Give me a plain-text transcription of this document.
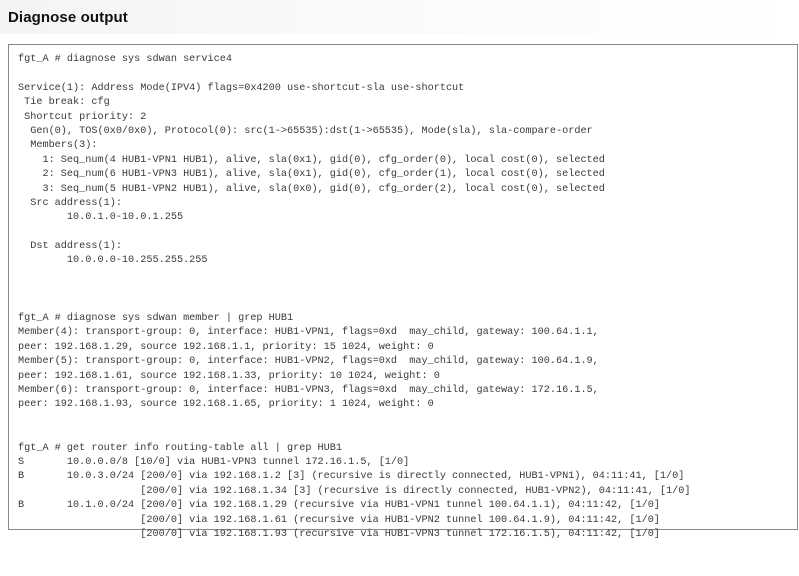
Diagnose output
fgt_A # diagnose sys sdwan service4
Service(1): Address Mode(IPV4) flags=0x4200 use-shortcut-sla use-shortcut
Tie break: cfg
Shortcut priority: 2
Gen(0), TOS(0x0/0x0), Protocol(0): src(1->65535):dst(1->65535), Mode(sla), sla-compare-order
Members(3):
1: Seq_num(4 HUB1-VPN1 HUB1), alive, sla(0x1), gid(0), cfg_order(0), local cost(0), selected
2: Seq_num(6 HUB1-VPN3 HUB1), alive, sla(0x1), gid(0), cfg_order(1), local cost(0), selected
3: Seq_num(5 HUB1-VPN2 HUB1), alive, sla(0x0), gid(0), cfg_order(2), local cost(0), selected
Src address(1):
10.0.1.0-10.0.1.255
Dst address(1):
10.0.0.0-10.255.255.255
fgt_A # diagnose sys sdwan member | grep HUB1
Member(4): transport-group: 0, interface: HUB1-VPN1, flags=0xd  may_child, gateway: 100.64.1.1,
peer: 192.168.1.29, source 192.168.1.1, priority: 15 1024, weight: 0
Member(5): transport-group: 0, interface: HUB1-VPN2, flags=0xd  may_child, gateway: 100.64.1.9,
peer: 192.168.1.61, source 192.168.1.33, priority: 10 1024, weight: 0
Member(6): transport-group: 0, interface: HUB1-VPN3, flags=0xd  may_child, gateway: 172.16.1.5,
peer: 192.168.1.93, source 192.168.1.65, priority: 1 1024, weight: 0
fgt_A # get router info routing-table all | grep HUB1
S       10.0.0.0/8 [10/0] via HUB1-VPN3 tunnel 172.16.1.5, [1/0]
B       10.0.3.0/24 [200/0] via 192.168.1.2 [3] (recursive is directly connected, HUB1-VPN1), 04:11:41, [1/0]
[200/0] via 192.168.1.34 [3] (recursive is directly connected, HUB1-VPN2), 04:11:41, [1/0]
B       10.1.0.0/24 [200/0] via 192.168.1.29 (recursive via HUB1-VPN1 tunnel 100.64.1.1), 04:11:42, [1/0]
[200/0] via 192.168.1.61 (recursive via HUB1-VPN2 tunnel 100.64.1.9), 04:11:42, [1/0]
[200/0] via 192.168.1.93 (recursive via HUB1-VPN3 tunnel 172.16.1.5), 04:11:42, [1/0]
